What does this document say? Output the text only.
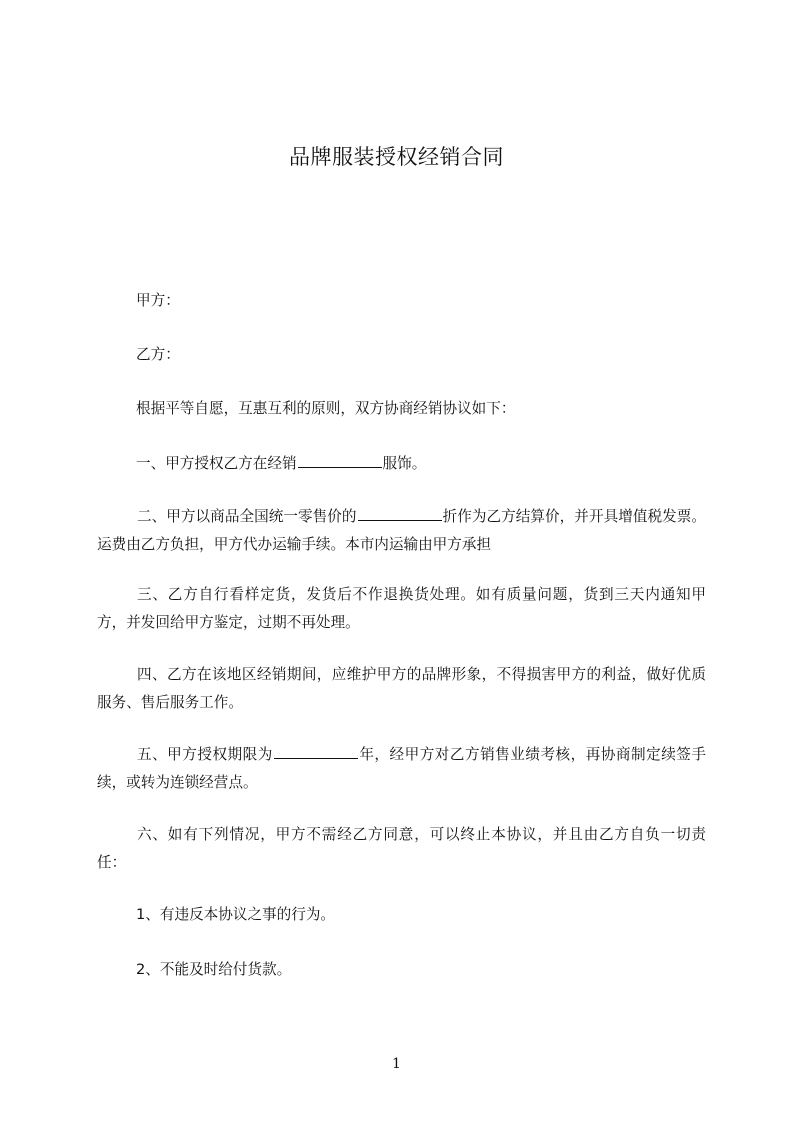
品牌服装授权经销合同

甲方：

乙方：

根据平等自愿，互惠互利的原则，双方协商经销协议如下：

一、甲方授权乙方在经销	服饰。

二、甲方以商品全国统一零售价的	折作为乙方结算价，并开具增值税发票。运费由乙方负担，甲方代办运输手续。本市内运输由甲方承担

三、乙方自行看样定货，发货后不作退换货处理。如有质量问题，货到三天内通知甲方，并发回给甲方鉴定，过期不再处理。

四、乙方在该地区经销期间，应维护甲方的品牌形象，不得损害甲方的利益，做好优质服务、售后服务工作。

五、甲方授权期限为	年，经甲方对乙方销售业绩考核，再协商制定续签手续，或转为连锁经营点。

六、如有下列情况，甲方不需经乙方同意，可以终止本协议，并且由乙方自负一切责任：

1、有违反本协议之事的行为。

2、不能及时给付货款。

1
